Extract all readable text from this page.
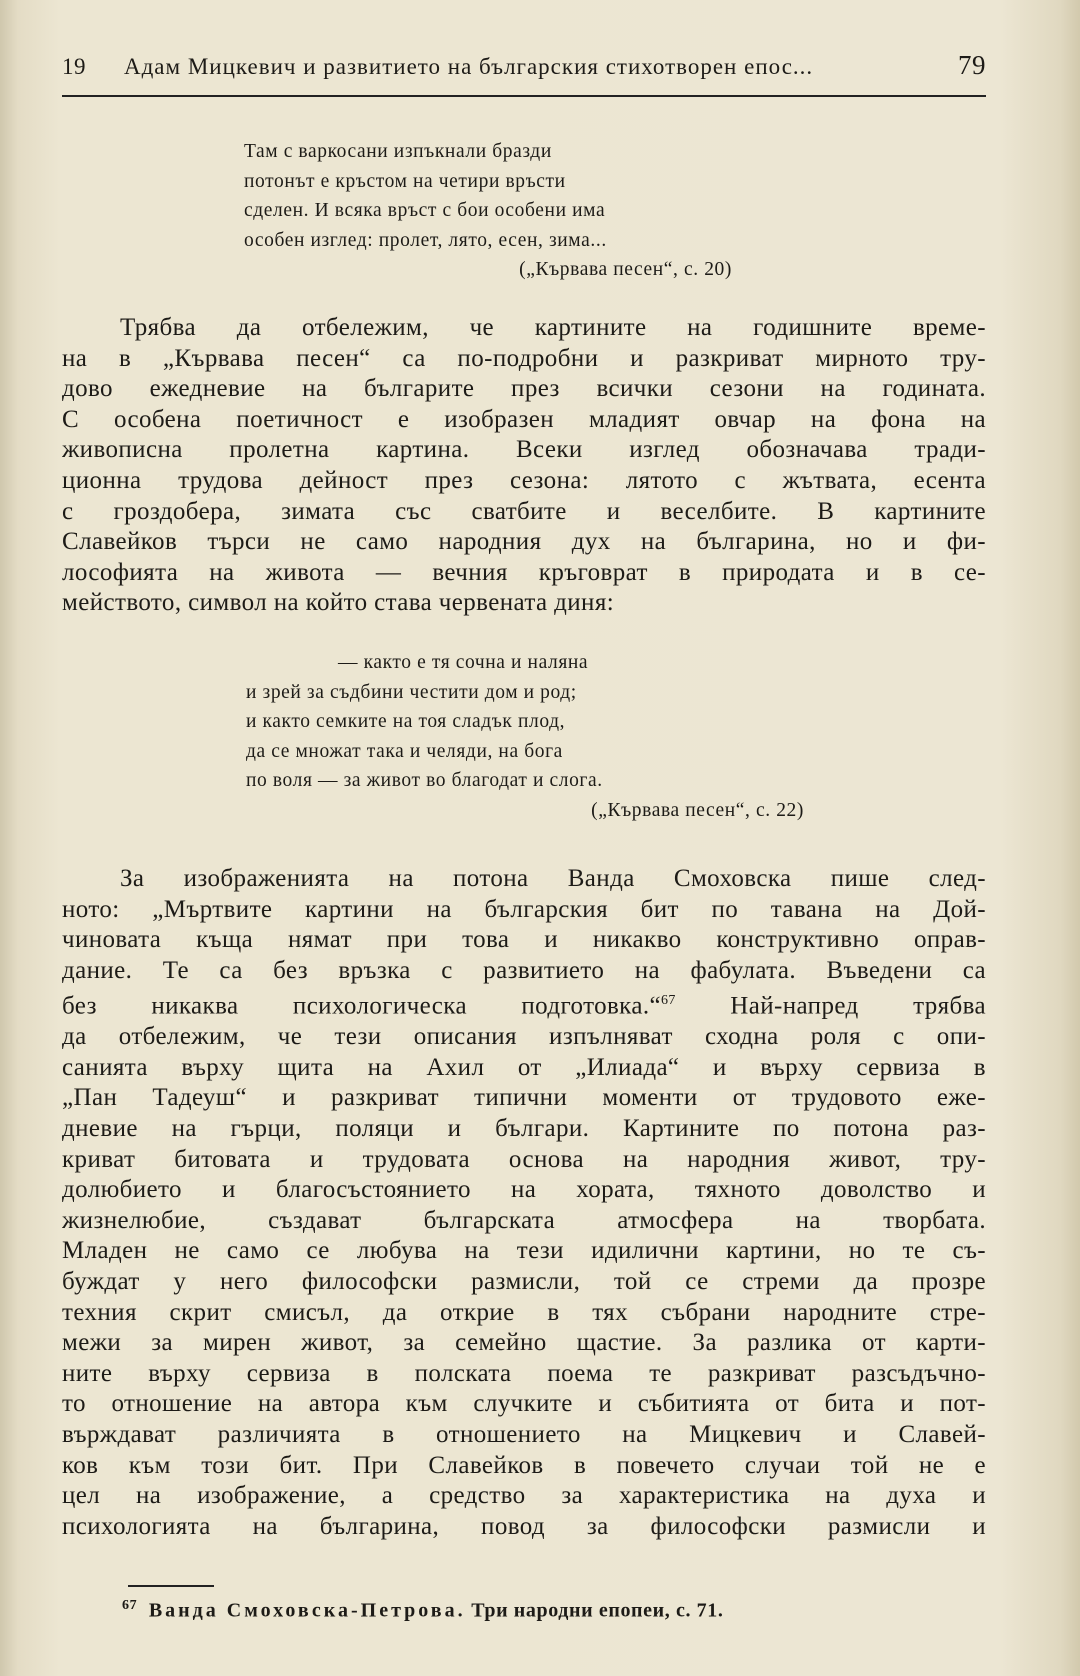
19	Адам Мицкевич и развитието на българския стихотворен епос...	79
Там с варкосани изпъкнали бразди
потонът е кръстом на четири връсти
сделен. И всяка връст с бои особени има
особен изглед: пролет, лято, есен, зима...
(„Кървава песен“, с. 20)
Трябва да отбележим, че картините на годишните време-
на в „Кървава песен“ са по-подробни и разкриват мирното тру-
дово ежедневие на българите през всички сезони на годината.
С особена поетичност е изобразен младият овчар на фона на
живописна пролетна картина. Всеки изглед обозначава тради-
ционна трудова дейност през сезона: лятото с жътвата, есента
с гроздобера, зимата със сватбите и веселбите. В картините
Славейков търси не само народния дух на българина, но и фи-
лософията на живота — вечния кръговрат в природата и в се-
мейството, символ на който става червената диня:
— както е тя сочна и наляна
и зрей за съдбини честити дом и род;
и както семките на тоя сладък плод,
да се множат така и челяди, на бога
по воля — за живот во благодат и слога.
(„Кървава песен“, с. 22)
За изображенията на потона Ванда Смоховска пише след-
ното: „Мъртвите картини на българския бит по тавана на Дой-
чиновата къща нямат при това и никакво конструктивно оправ-
дание. Те са без връзка с развитието на фабулата. Въведени са
без никаква психологическа подготовка.“$^{67}$ Най-напред трябва
да отбележим, че тези описания изпълняват сходна роля с опи-
санията върху щита на Ахил от „Илиада“ и върху сервиза в
„Пан Тадеуш“ и разкриват типични моменти от трудовото еже-
дневие на гърци, поляци и българи. Картините по потона раз-
криват битовата и трудовата основа на народния живот, тру-
долюбието и благосъстоянието на хората, тяхното доволство и
жизнелюбие, създават българската атмосфера на творбата.
Младен не само се любува на тези идилични картини, но те съ-
буждат у него философски размисли, той се стреми да прозре
техния скрит смисъл, да открие в тях събрани народните стре-
межи за мирен живот, за семейно щастие. За разлика от карти-
ните върху сервиза в полската поема те разкриват разсъдъчно-
то отношение на автора към случките и събитията от бита и пот-
върждават различията в отношението на Мицкевич и Славей-
ков към този бит. При Славейков в повечето случаи той не е
цел на изображение, а средство за характеристика на духа и
психологията на българина, повод за философски размисли и
$^{67}$ Ванда Смоховска-Петрова. Три народни епопеи, с. 71.
